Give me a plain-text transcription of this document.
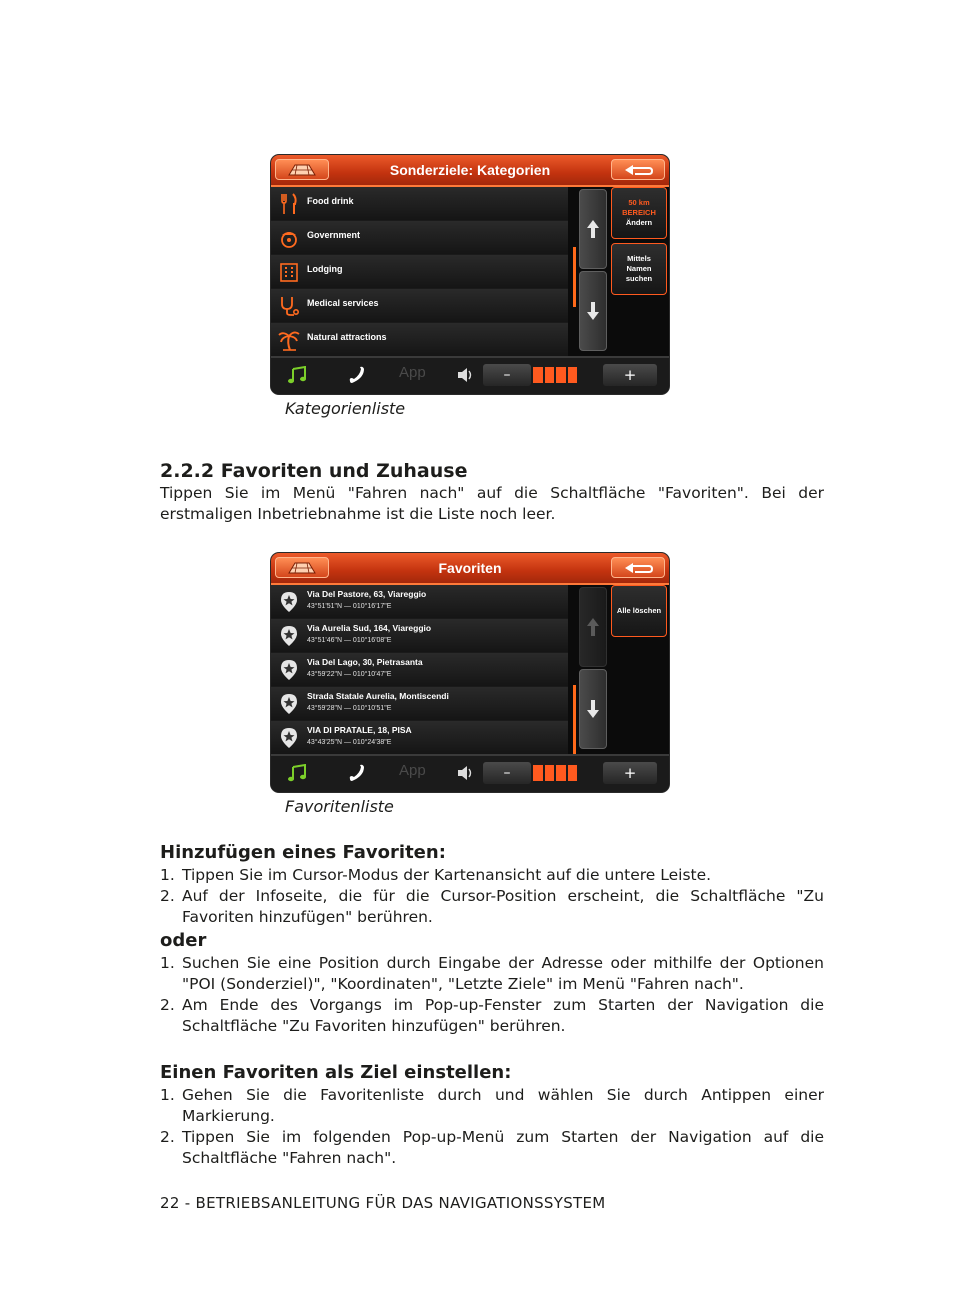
Sonderziele: Kategorien
Food drink
Government
Lodging
Medical services
Natural attractions
50 km
BEREICH
Ändern
Mittels Namen suchen
App	–	+
Kategorienliste
2.2.2 Favoriten und Zuhause
Tippen Sie im Menü "Fahren nach" auf die Schaltfläche "Favoriten". Bei der
erstmaligen Inbetriebnahme ist die Liste noch leer.
Favoriten
Via Del Pastore, 63, Viareggio
43°51'51"N — 010°16'17"E
Via Aurelia Sud, 164, Viareggio
43°51'46"N — 010°16'08"E
Via Del Lago, 30, Pietrasanta
43°59'22"N — 010°10'47"E
Strada Statale Aurelia, Montiscendi
43°59'28"N — 010°10'51"E
VIA DI PRATALE, 18, PISA
43°43'25"N — 010°24'38"E
Alle löschen
App	–	+
Favoritenliste
Hinzufügen eines Favoriten:
1. Tippen Sie im Cursor-Modus der Kartenansicht auf die untere Leiste.
2. Auf der Infoseite, die für die Cursor-Position erscheint, die Schaltfläche "Zu Favoriten hinzufügen" berühren.
oder
1. Suchen Sie eine Position durch Eingabe der Adresse oder mithilfe der Optionen "POI (Sonderziel)", "Koordinaten", "Letzte Ziele" im Menü "Fahren nach".
2. Am Ende des Vorgangs im Pop-up-Fenster zum Starten der Navigation die Schaltfläche "Zu Favoriten hinzufügen" berühren.
Einen Favoriten als Ziel einstellen:
1. Gehen Sie die Favoritenliste durch und wählen Sie durch Antippen einer Markierung.
2. Tippen Sie im folgenden Pop-up-Menü zum Starten der Navigation auf die Schaltfläche "Fahren nach".
22 - BETRIEBSANLEITUNG FÜR DAS NAVIGATIONSSYSTEM
